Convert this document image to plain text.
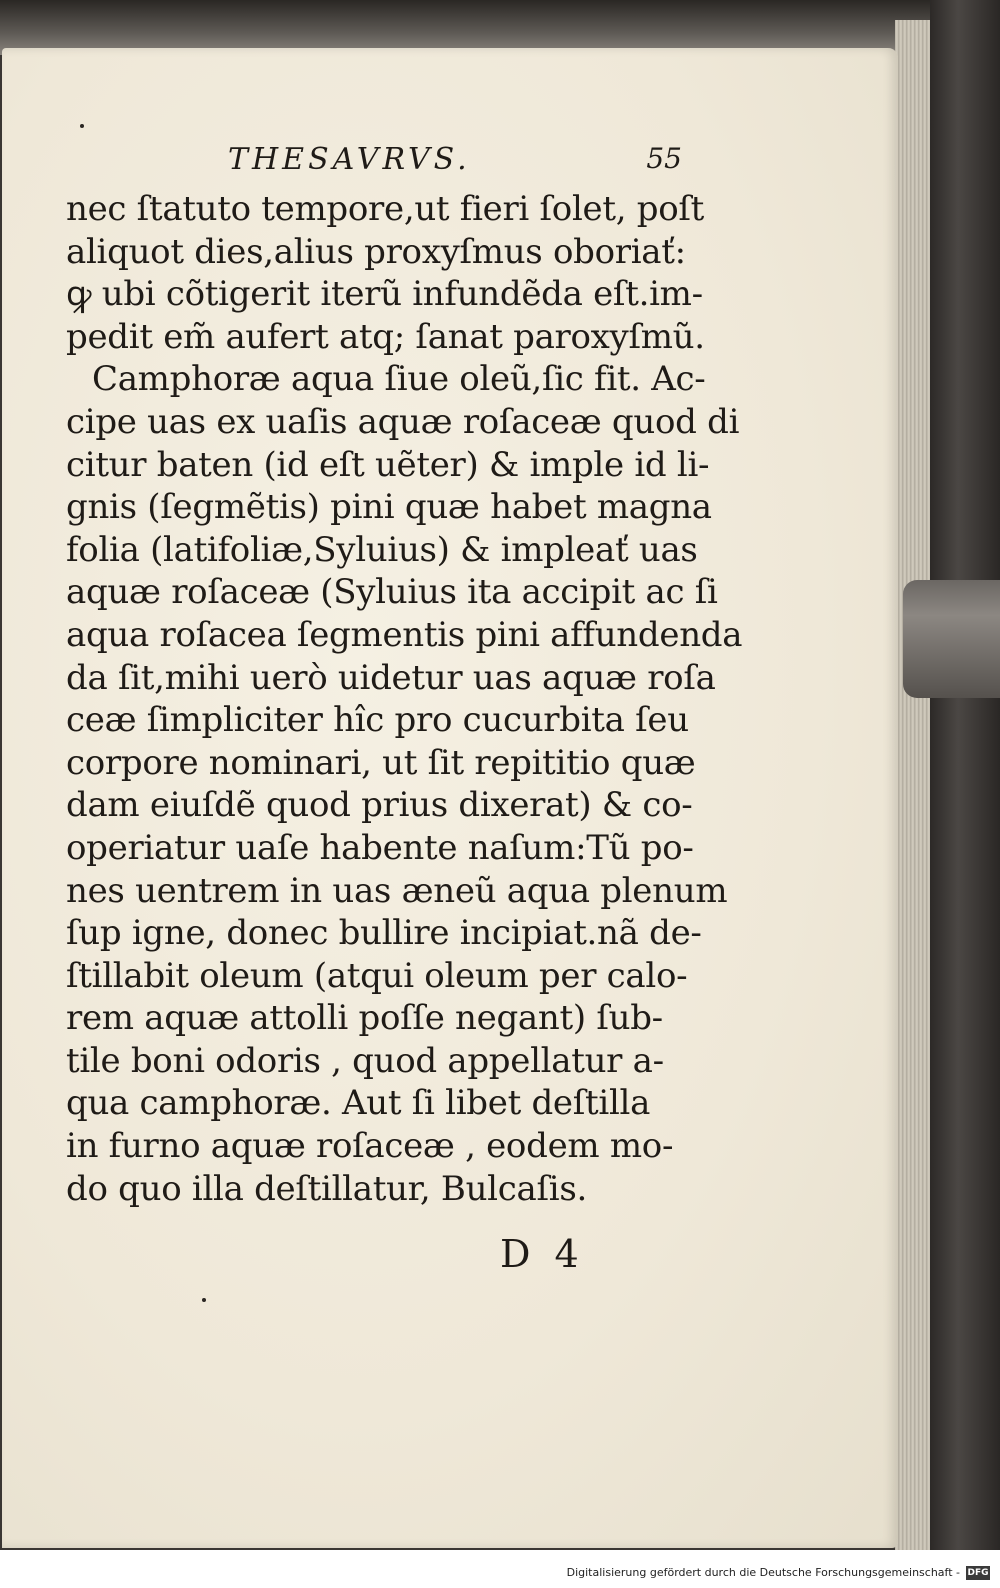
THESAVRVS.	55
nec ſtatuto tempore,ut fieri ſolet, poſt
aliquot dies,alius proxyſmus oboriať:
ꝙ ubi cõtigerit iterũ infundẽda eſt.im-
pedit em̃ aufert atq; ſanat paroxyſmũ.
Camphoræ aqua ſiue oleũ,ſic fit. Ac-
cipe uas ex uaſis aquæ roſaceæ quod di
citur baten (id eſt uẽter) & imple id li-
gnis (ſegmẽtis) pini quæ habet magna
folia (latifoliæ,Syluius) & impleať uas
aquæ roſaceæ (Syluius ita accipit ac ſi
aqua roſacea ſegmentis pini affundenda
da ſit,mihi uerò uidetur uas aquæ roſa
ceæ ſimpliciter hîc pro cucurbita ſeu
corpore nominari, ut ſit repititio quæ
dam eiuſdẽ quod prius dixerat) & co-
operiatur uaſe habente naſum:Tũ po-
nes uentrem in uas æneũ aqua plenum
ſup igne, donec bullire incipiat.nã de-
ſtillabit oleum (atqui oleum per calo-
rem aquæ attolli poſſe negant) ſub-
tile boni odoris , quod appellatur a-
qua camphoræ. Aut ſi libet deſtilla
in furno aquæ roſaceæ , eodem mo-
do quo illa deſtillatur, Bulcaſis.
D 4
Digitalisierung gefördert durch die Deutsche Forschungsgemeinschaft - DFG
